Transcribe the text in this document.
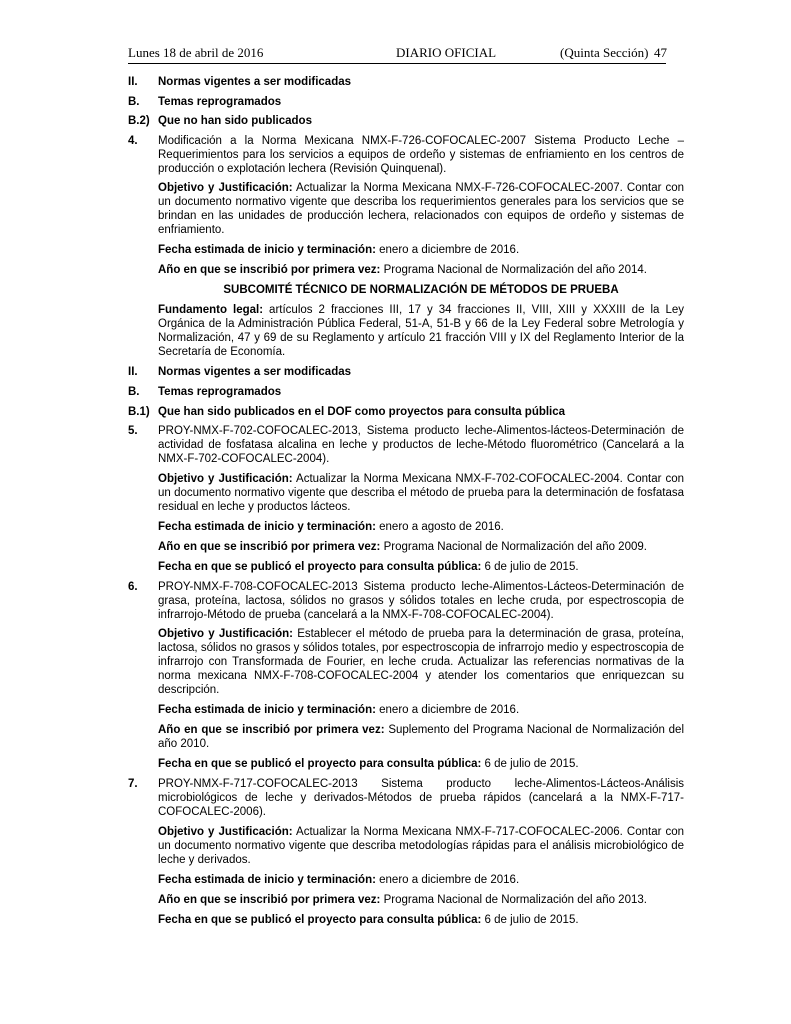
Lunes 18 de abril de 2016	DIARIO OFICIAL	(Quinta Sección) 47
II. Normas vigentes a ser modificadas
B. Temas reprogramados
B.2) Que no han sido publicados
4. Modificación a la Norma Mexicana NMX-F-726-COFOCALEC-2007 Sistema Producto Leche – Requerimientos para los servicios a equipos de ordeño y sistemas de enfriamiento en los centros de producción o explotación lechera (Revisión Quinquenal).
Objetivo y Justificación: Actualizar la Norma Mexicana NMX-F-726-COFOCALEC-2007. Contar con un documento normativo vigente que describa los requerimientos generales para los servicios que se brindan en las unidades de producción lechera, relacionados con equipos de ordeño y sistemas de enfriamiento.
Fecha estimada de inicio y terminación: enero a diciembre de 2016.
Año en que se inscribió por primera vez: Programa Nacional de Normalización del año 2014.
SUBCOMITÉ TÉCNICO DE NORMALIZACIÓN DE MÉTODOS DE PRUEBA
Fundamento legal: artículos 2 fracciones III, 17 y 34 fracciones II, VIII, XIII y XXXIII de la Ley Orgánica de la Administración Pública Federal, 51-A, 51-B y 66 de la Ley Federal sobre Metrología y Normalización, 47 y 69 de su Reglamento y artículo 21 fracción VIII y IX del Reglamento Interior de la Secretaría de Economía.
II. Normas vigentes a ser modificadas
B. Temas reprogramados
B.1) Que han sido publicados en el DOF como proyectos para consulta pública
5. PROY-NMX-F-702-COFOCALEC-2013, Sistema producto leche-Alimentos-lácteos-Determinación de actividad de fosfatasa alcalina en leche y productos de leche-Método fluorométrico (Cancelará a la NMX-F-702-COFOCALEC-2004).
Objetivo y Justificación: Actualizar la Norma Mexicana NMX-F-702-COFOCALEC-2004. Contar con un documento normativo vigente que describa el método de prueba para la determinación de fosfatasa residual en leche y productos lácteos.
Fecha estimada de inicio y terminación: enero a agosto de 2016.
Año en que se inscribió por primera vez: Programa Nacional de Normalización del año 2009.
Fecha en que se publicó el proyecto para consulta pública: 6 de julio de 2015.
6. PROY-NMX-F-708-COFOCALEC-2013 Sistema producto leche-Alimentos-Lácteos-Determinación de grasa, proteína, lactosa, sólidos no grasos y sólidos totales en leche cruda, por espectroscopia de infrarrojo-Método de prueba (cancelará a la NMX-F-708-COFOCALEC-2004).
Objetivo y Justificación: Establecer el método de prueba para la determinación de grasa, proteína, lactosa, sólidos no grasos y sólidos totales, por espectroscopia de infrarrojo medio y espectroscopia de infrarrojo con Transformada de Fourier, en leche cruda. Actualizar las referencias normativas de la norma mexicana NMX-F-708-COFOCALEC-2004 y atender los comentarios que enriquezcan su descripción.
Fecha estimada de inicio y terminación: enero a diciembre de 2016.
Año en que se inscribió por primera vez: Suplemento del Programa Nacional de Normalización del año 2010.
Fecha en que se publicó el proyecto para consulta pública: 6 de julio de 2015.
7. PROY-NMX-F-717-COFOCALEC-2013 Sistema producto leche-Alimentos-Lácteos-Análisis microbiológicos de leche y derivados-Métodos de prueba rápidos (cancelará a la NMX-F-717-COFOCALEC-2006).
Objetivo y Justificación: Actualizar la Norma Mexicana NMX-F-717-COFOCALEC-2006. Contar con un documento normativo vigente que describa metodologías rápidas para el análisis microbiológico de leche y derivados.
Fecha estimada de inicio y terminación: enero a diciembre de 2016.
Año en que se inscribió por primera vez: Programa Nacional de Normalización del año 2013.
Fecha en que se publicó el proyecto para consulta pública: 6 de julio de 2015.
